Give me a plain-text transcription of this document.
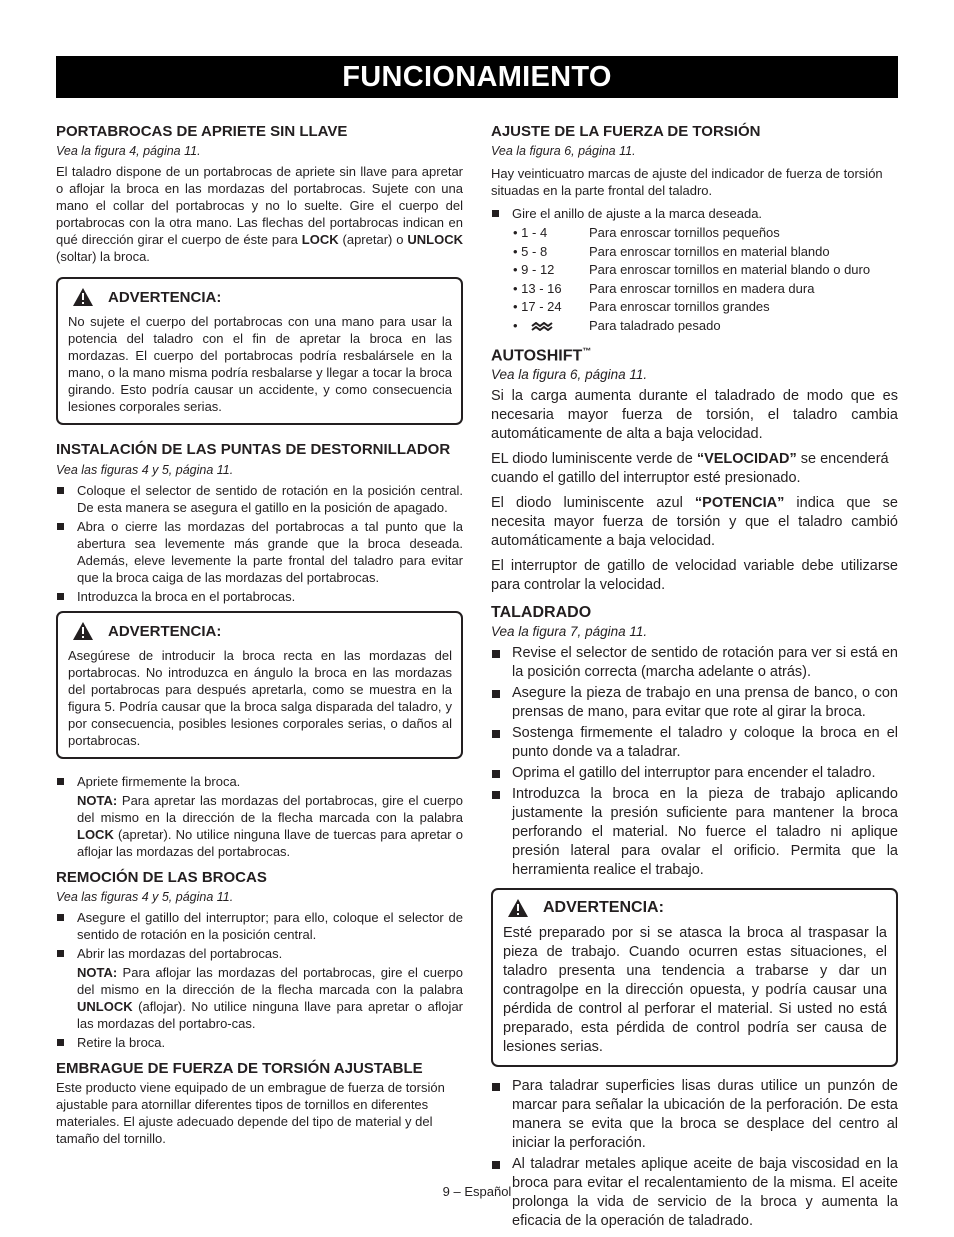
FUNCIONAMIENTO
PORTABROCAS DE APRIETE SIN LLAVE
Vea la figura 4, página 11.

El taladro dispone de un portabrocas de apriete sin llave para apretar o aflojar la broca en las mordazas del portabrocas. Sujete con una mano el collar del portabrocas y no lo suelte. Gire el cuerpo del portabrocas con la otra mano. Las flechas del portabrocas indican en qué dirección girar el cuerpo de éste para LOCK (apretar) o UNLOCK (soltar) la broca.

ADVERTENCIA:

No sujete el cuerpo del portabrocas con una mano para usar la potencia del taladro con el fin de apretar la broca en las mordazas. El cuerpo del portabrocas podría resbalársele en la mano, o la mano misma podría resbalarse y llegar a tocar la broca girando. Esto podría causar un accidente, y como consecuencia lesiones corporales serias.

INSTALACIÓN DE LAS PUNTAS DE DESTORNILLADOR
Vea las figuras 4 y 5, página 11.
Coloque el selector de sentido de rotación en la posición central. De esta manera se asegura el gatillo en la posición de apagado.
Abra o cierre las mordazas del portabrocas a tal punto que la abertura sea levemente más grande que la broca deseada. Además, eleve levemente la parte frontal del taladro para evitar que la broca caiga de las mordazas del portabrocas.
Introduzca la broca en el portabrocas.
ADVERTENCIA:

Asegúrese de introducir la broca recta en las mordazas del portabrocas. No introduzca en ángulo la broca en las mordazas del portabrocas para después apretarla, como se muestra en la figura 5. Podría causar que la broca salga disparada del taladro, y por consecuencia, posibles lesiones corporales serias, o daños al portabrocas.

Apriete firmemente la broca.
NOTA: Para apretar las mordazas del portabrocas, gire el cuerpo del mismo en la dirección de la flecha marcada con la palabra LOCK (apretar). No utilice ninguna llave de tuercas para apretar o aflojar las mordazas del portabrocas.
REMOCIÓN DE LAS BROCAS
Vea las figuras 4 y 5, página 11.
Asegure el gatillo del interruptor; para ello, coloque el selector de sentido de rotación en la posición central.
Abrir las mordazas del portabrocas.
NOTA: Para aflojar las mordazas del portabrocas, gire el cuerpo del mismo en la dirección de la flecha marcada con la palabra UNLOCK (aflojar). No utilice ninguna llave para apretar o aflojar las mordazas del portabro-cas.
Retire la broca.
EMBRAGUE DE FUERZA DE TORSIÓN AJUSTABLE

Este producto viene equipado de un embrague de fuerza de torsión ajustable para atornillar diferentes tipos de tornillos en diferentes materiales. El ajuste adecuado depende del tipo de material y del tamaño del tornillo.

AJUSTE DE LA FUERZA DE TORSIÓN
Vea la figura 6, página 11.

Hay veinticuatro marcas de ajuste del indicador de fuerza de torsión situadas en la parte frontal del taladro.

Gire el anillo de ajuste a la marca deseada.
• 1 - 4	Para enroscar tornillos pequeños
• 5 - 8	Para enroscar tornillos en material blando
• 9 - 12	Para enroscar tornillos en material blando o duro
• 13 - 16	Para enroscar tornillos en madera dura
• 17 - 24	Para enroscar tornillos grandes
•	Para taladrado pesado
AUTOSHIFT™
Vea la figura 6, página 11.

Si la carga aumenta durante el taladrado de modo que es necesaria mayor fuerza de torsión, el taladro cambia automáticamente de alta a baja velocidad.

EL diodo luminiscente verde de “VELOCIDAD” se encenderá cuando el gatillo del interruptor esté presionado.

El diodo luminiscente azul “POTENCIA” indica que se necesita mayor fuerza de torsión y que el taladro cambió automáticamente a baja velocidad.

El interruptor de gatillo de velocidad variable debe utilizarse para controlar la velocidad.

TALADRADO
Vea la figura 7, página 11.
Revise el selector de sentido de rotación para ver si está en la posición correcta (marcha adelante o atrás).
Asegure la pieza de trabajo en una prensa de banco, o con prensas de mano, para evitar que rote al girar la broca.
Sostenga firmemente el taladro y coloque la broca en el punto donde va a taladrar.
Oprima el gatillo del interruptor para encender el taladro.
Introduzca la broca en la pieza de trabajo aplicando justamente la presión suficiente para mantener la broca perforando el material. No fuerce el taladro ni aplique presión lateral para ovalar el orificio. Permita que la herramienta realice el trabajo.
ADVERTENCIA:

Esté preparado por si se atasca la broca al traspasar la pieza de trabajo. Cuando ocurren estas situaciones, el taladro presenta una tendencia a trabarse y dar un contragolpe en la dirección opuesta, y podría causar una pérdida de control al perforar el material. Si usted no está preparado, esta pérdida de control podría ser causa de lesiones serias.

Para taladrar superficies lisas duras utilice un punzón de marcar para señalar la ubicación de la perforación. De esta manera se evita que la broca se desplace del centro al iniciar la perforación.
Al taladrar metales aplique aceite de baja viscosidad en la broca para evitar el recalentamiento de la misma. El aceite prolonga la vida de servicio de la broca y aumenta la eficacia de la operación de taladrado.
9 – Español
